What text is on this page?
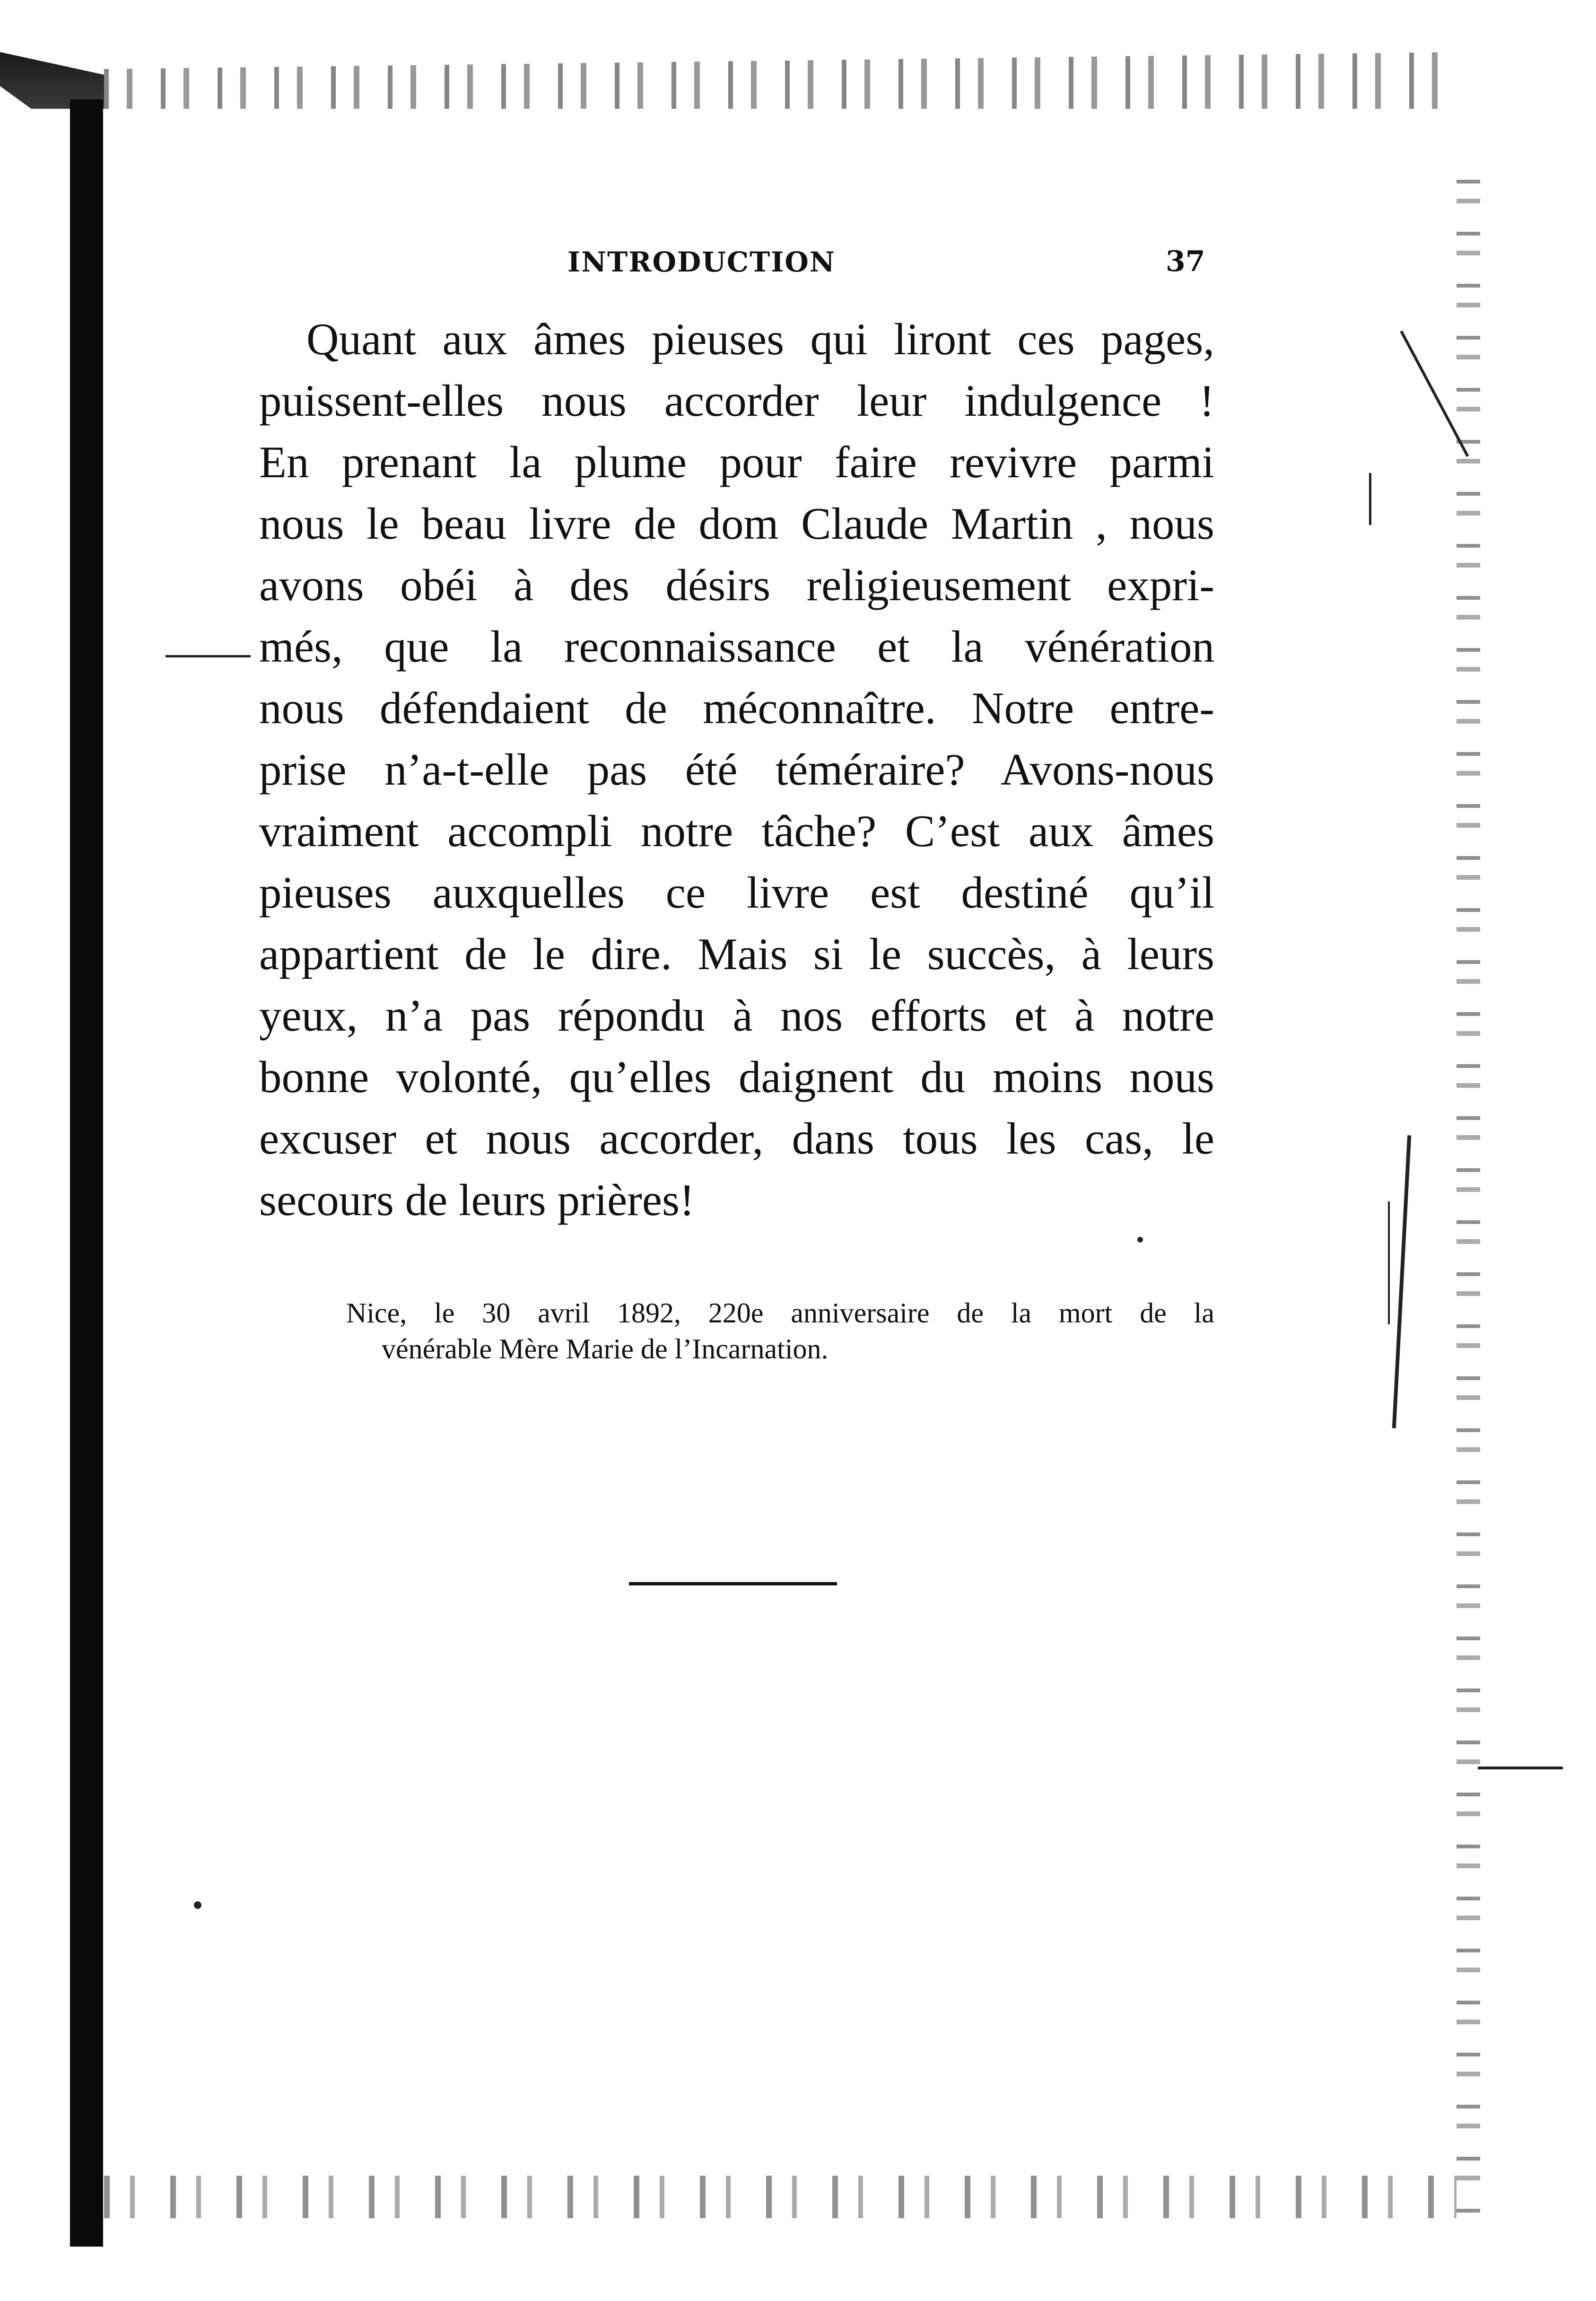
INTRODUCTION	37

Quant aux âmes pieuses qui liront ces pages,
puissent-elles nous accorder leur indulgence !
En prenant la plume pour faire revivre parmi
nous le beau livre de dom Claude Martin , nous
avons obéi à des désirs religieusement expri-
més, que la reconnaissance et la vénération
nous défendaient de méconnaître. Notre entre-
prise n’a-t-elle pas été téméraire? Avons-nous
vraiment accompli notre tâche? C’est aux âmes
pieuses auxquelles ce livre est destiné qu’il
appartient de le dire. Mais si le succès, à leurs
yeux, n’a pas répondu à nos efforts et à notre
bonne volonté, qu’elles daignent du moins nous
excuser et nous accorder, dans tous les cas, le
secours de leurs prières!

Nice, le 30 avril 1892, 220e anniversaire de la mort de la
vénérable Mère Marie de l’Incarnation.
